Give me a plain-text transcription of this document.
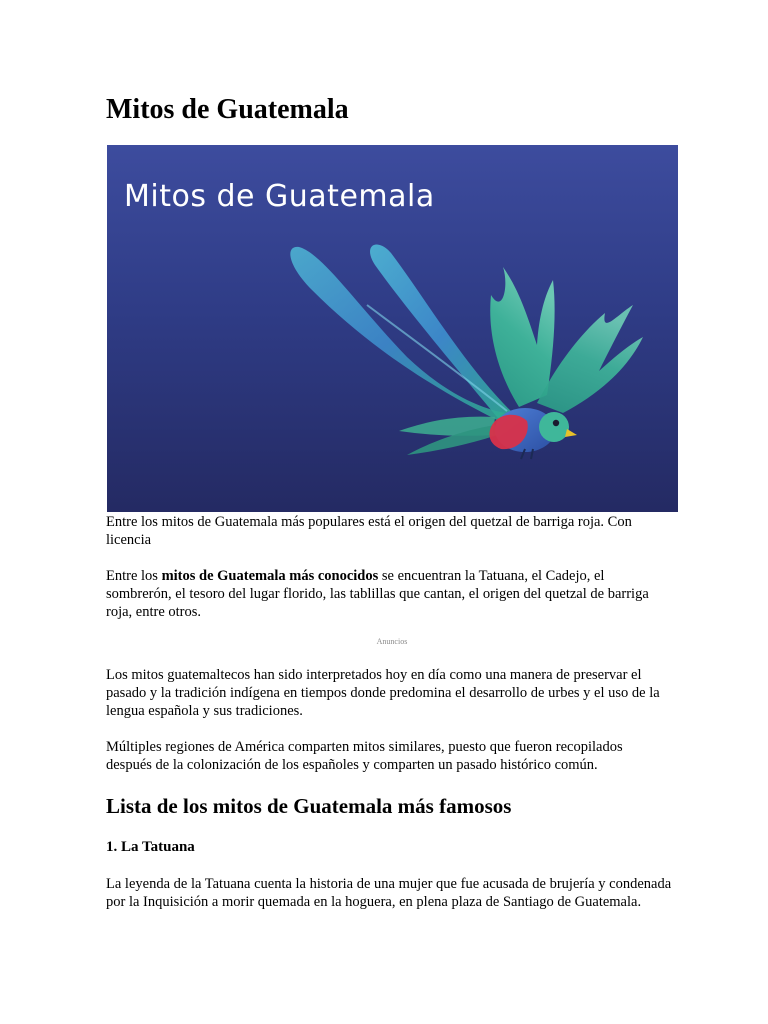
Mitos de Guatemala
Mitos de Guatemala

Entre los mitos de Guatemala más populares está el origen del quetzal de barriga roja. Con licencia

Entre los mitos de Guatemala más conocidos se encuentran la Tatuana, el Cadejo, el sombrerón, el tesoro del lugar florido, las tablillas que cantan, el origen del quetzal de barriga roja, entre otros.

Anuncios

Los mitos guatemaltecos han sido interpretados hoy en día como una manera de preservar el pasado y la tradición indígena en tiempos donde predomina el desarrollo de urbes y el uso de la lengua española y sus tradiciones.

Múltiples regiones de América comparten mitos similares, puesto que fueron recopilados después de la colonización de los españoles y comparten un pasado histórico común.

Lista de los mitos de Guatemala más famosos
1. La Tatuana

La leyenda de la Tatuana cuenta la historia de una mujer que fue acusada de brujería y condenada por la Inquisición a morir quemada en la hoguera, en plena plaza de Santiago de Guatemala.
